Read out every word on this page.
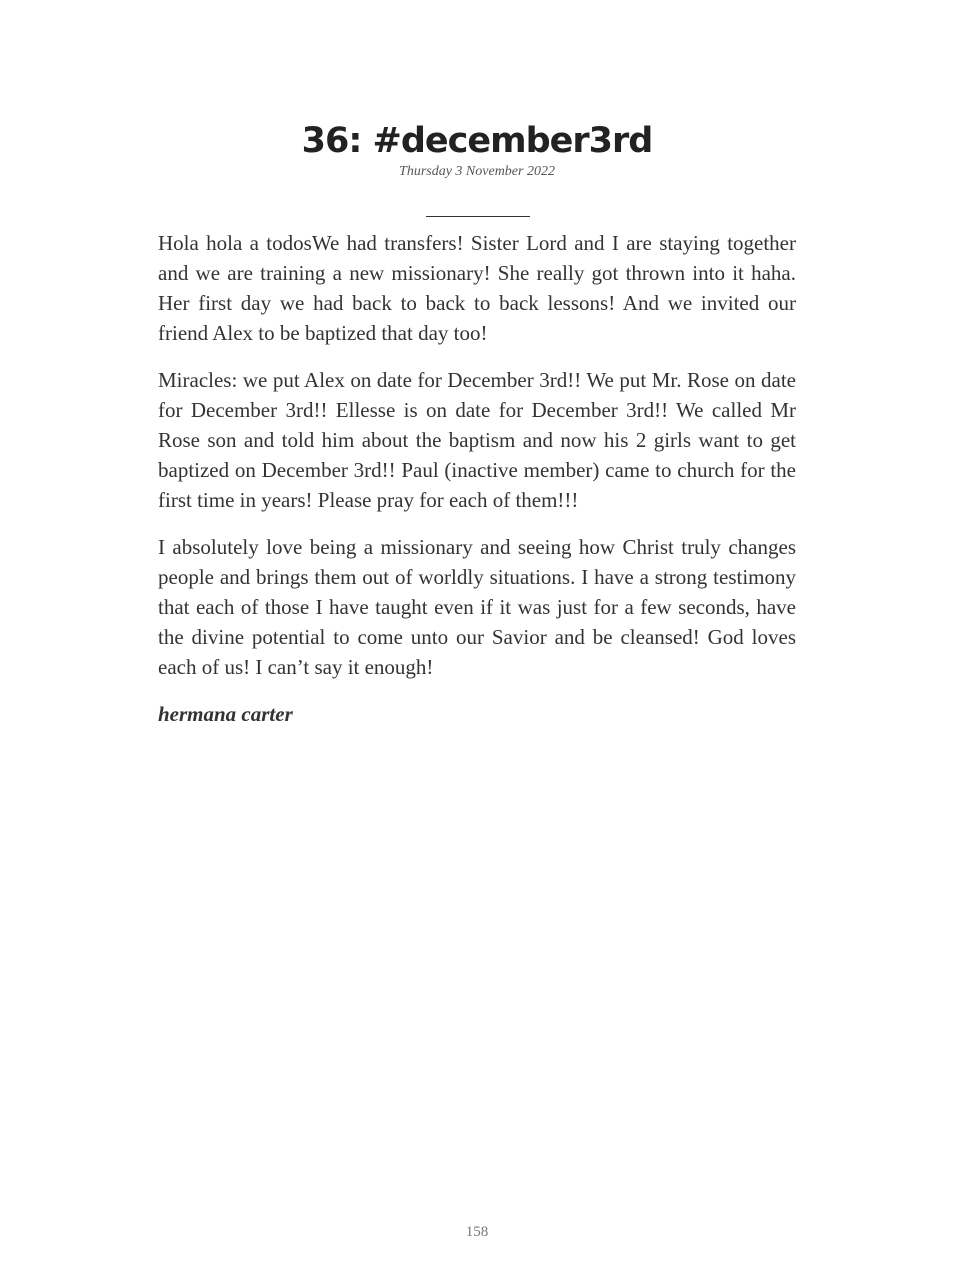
36: #december3rd
Thursday 3 November 2022

Hola hola a todosWe had transfers! Sister Lord and I are staying together and we are training a new missionary! She really got thrown into it haha. Her first day we had back to back to back lessons! And we invited our friend Alex to be baptized that day too!

Miracles: we put Alex on date for December 3rd!! We put Mr. Rose on date for December 3rd!! Ellesse is on date for December 3rd!! We called Mr Rose son and told him about the baptism and now his 2 girls want to get baptized on December 3rd!! Paul (inactive member) came to church for the first time in years! Please pray for each of them!!!

I absolutely love being a missionary and seeing how Christ truly changes people and brings them out of worldly situations. I have a strong testimony that each of those I have taught even if it was just for a few seconds, have the divine potential to come unto our Savior and be cleansed! God loves each of us! I can’t say it enough!

hermana carter

158
